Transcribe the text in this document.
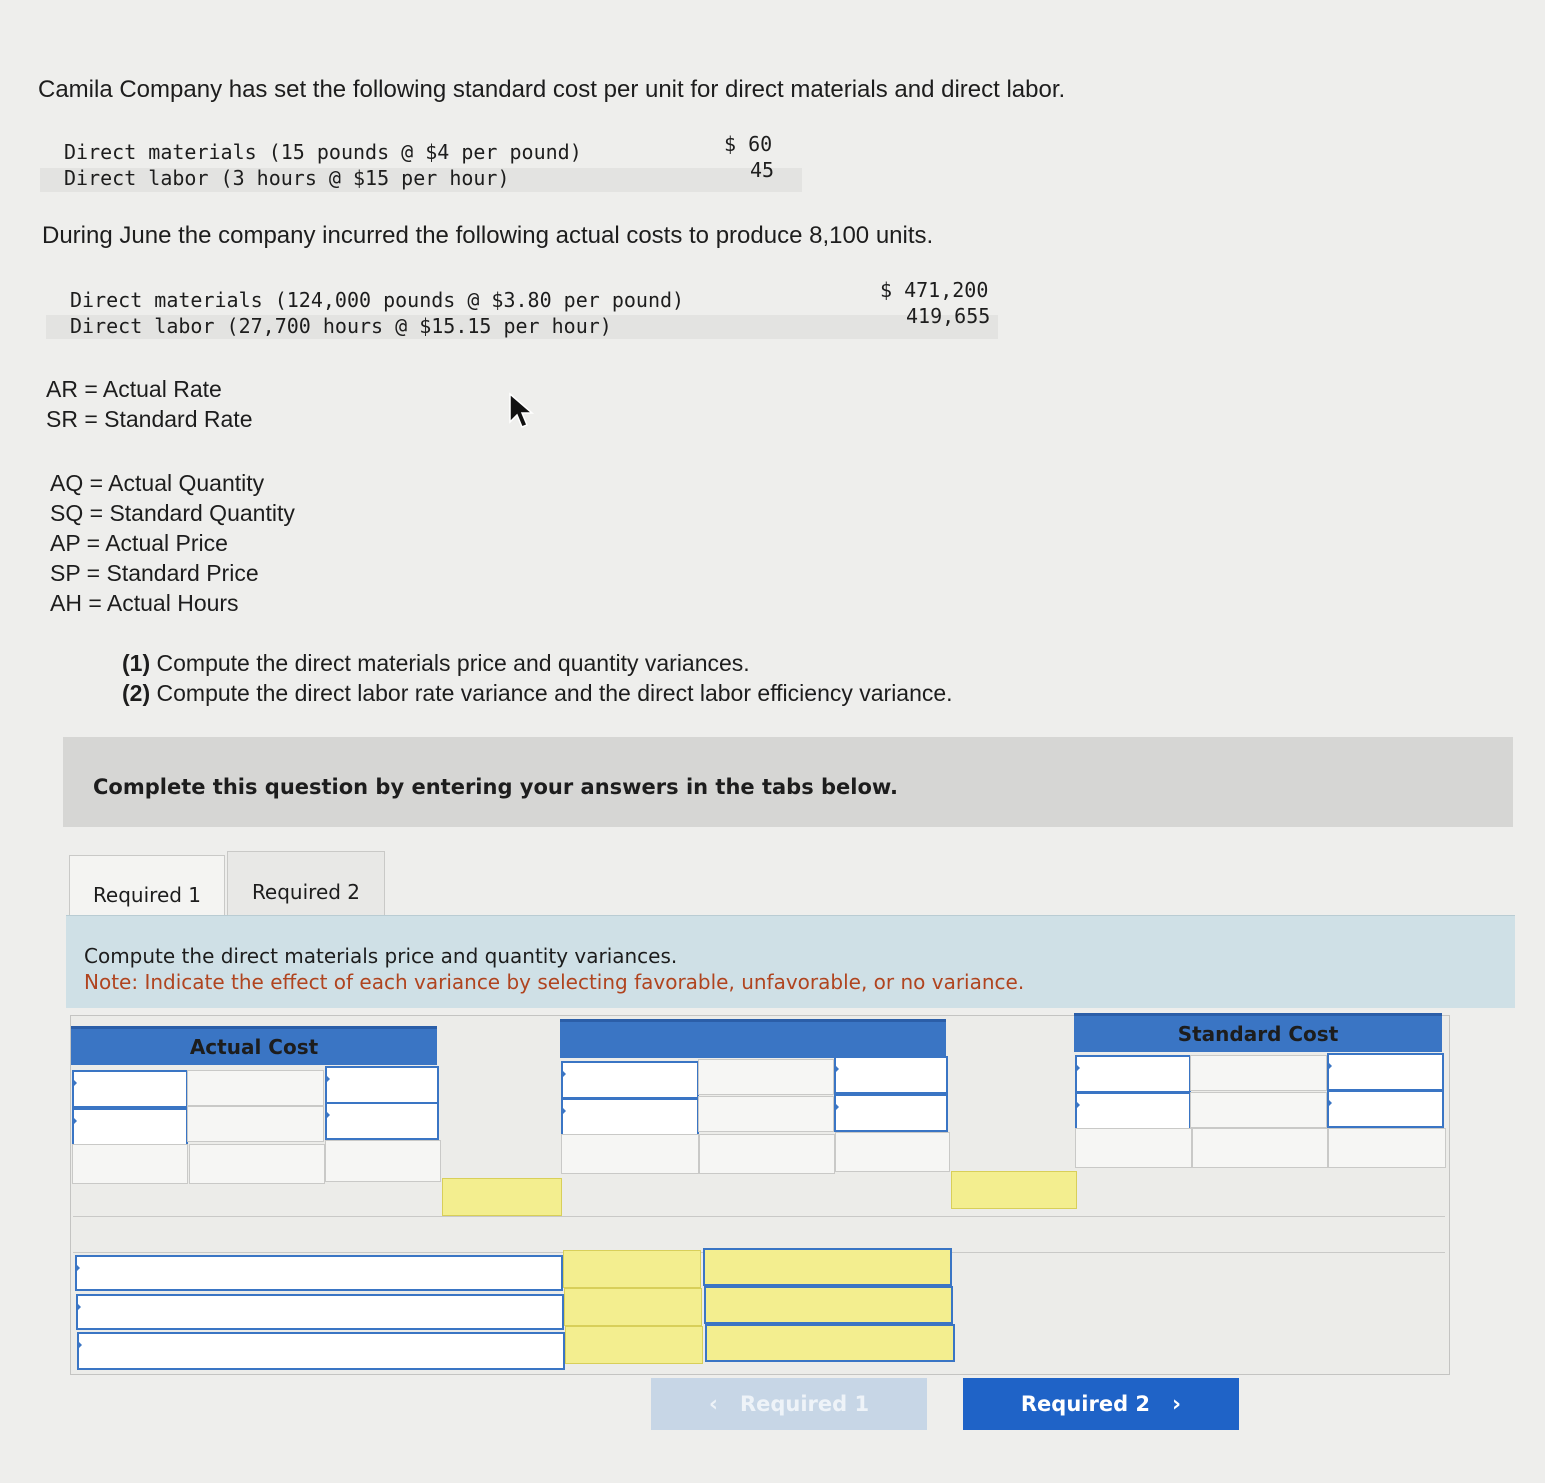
Camila Company has set the following standard cost per unit for direct materials and direct labor.
Direct materials (15 pounds @ $4 per pound)	$ 60
Direct labor (3 hours @ $15 per hour)	45
During June the company incurred the following actual costs to produce 8,100 units.
Direct materials (124,000 pounds @ $3.80 per pound)	$ 471,200
Direct labor (27,700 hours @ $15.15 per hour)	419,655
AR = Actual Rate
SR = Standard Rate
AQ = Actual Quantity
SQ = Standard Quantity
AP = Actual Price
SP = Standard Price
AH = Actual Hours
(1) Compute the direct materials price and quantity variances.
(2) Compute the direct labor rate variance and the direct labor efficiency variance.
Complete this question by entering your answers in the tabs below.
Required 1	Required 2
Compute the direct materials price and quantity variances.
Note: Indicate the effect of each variance by selecting favorable, unfavorable, or no variance.
Actual Cost
Standard Cost
‹ Required 1	Required 2 ›
